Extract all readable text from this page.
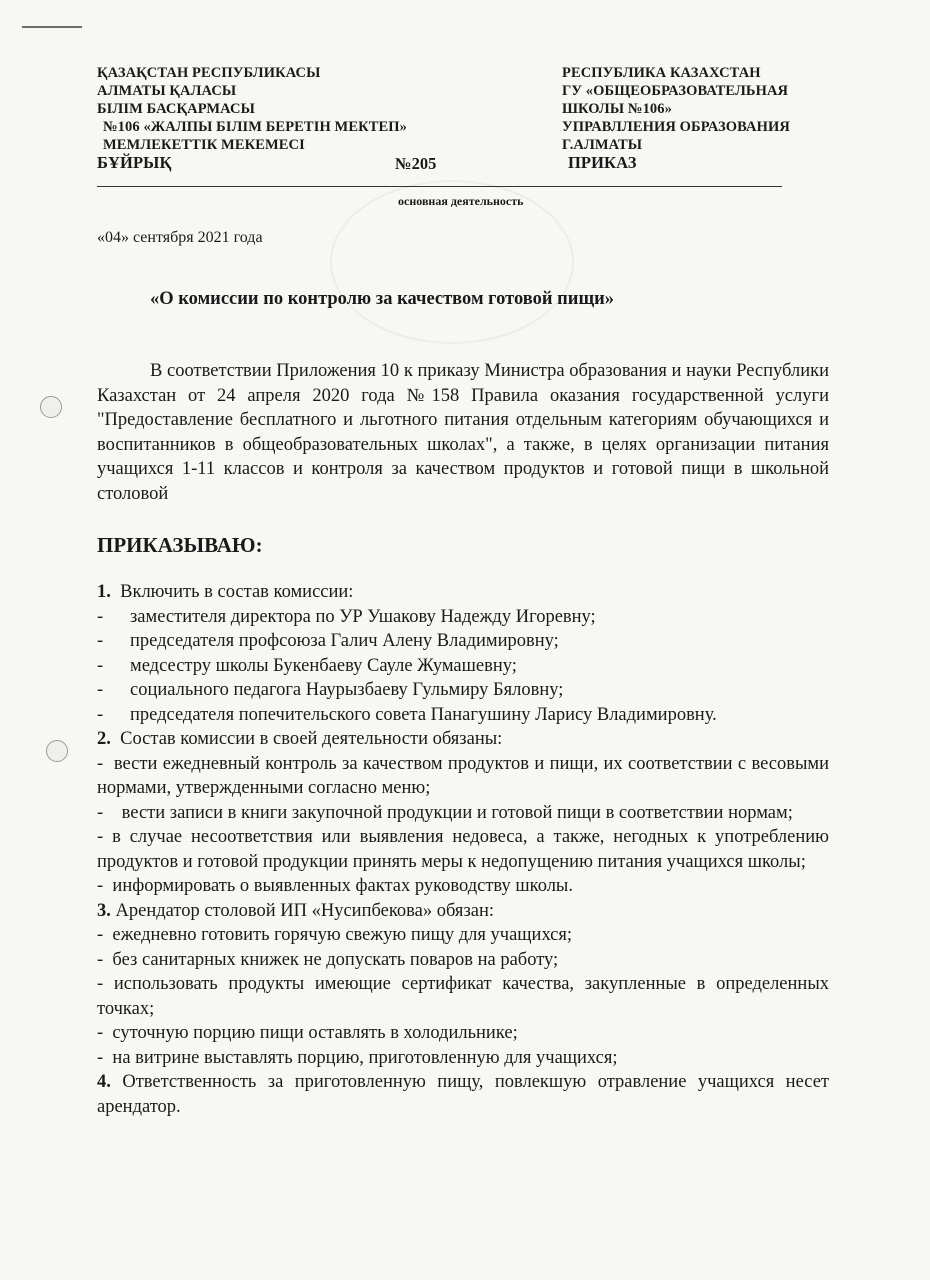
ҚАЗАҚСТАН РЕСПУБЛИКАСЫ
АЛМАТЫ ҚАЛАСЫ
БІЛІМ БАСҚАРМАСЫ
№106 «ЖАЛПЫ БІЛІМ БЕРЕТІН МЕКТЕП»
МЕМЛЕКЕТТІК МЕКЕМЕСІ
БҰЙРЫҚ
РЕСПУБЛИКА КАЗАХСТАН
ГУ «ОБЩЕОБРАЗОВАТЕЛЬНАЯ
ШКОЛЫ №106»
УПРАВЛЛЕНИЯ ОБРАЗОВАНИЯ
Г.АЛМАТЫ
ПРИКАЗ
№205
основная деятельность
«04» сентября 2021 года
«О комиссии по контролю за качеством готовой пищи»
В соответствии Приложения 10 к приказу Министра образования и науки Республики Казахстан от 24 апреля 2020 года №158 Правила оказания государственной услуги "Предоставление бесплатного и льготного питания отдельным категориям обучающихся и воспитанников в общеобразовательных школах", а также, в целях организации питания учащихся 1-11 классов и контроля за качеством продуктов и готовой пищи в школьной столовой
ПРИКАЗЫВАЮ:

1. Включить в состав комиссии:

- заместителя директора по УР Ушакову Надежду Игоревну;

- председателя профсоюза Галич Алену Владимировну;

- медсестру школы Букенбаеву Сауле Жумашевну;

- социального педагога Наурызбаеву Гульмиру Бяловну;

- председателя попечительского совета Панагушину Ларису Владимировну.

2. Состав комиссии в своей деятельности обязаны:

- вести ежедневный контроль за качеством продуктов и пищи, их соответствии с весовыми нормами, утвержденными согласно меню;

- вести записи в книги закупочной продукции и готовой пищи в соответствии нормам;

- в случае несоответствия или выявления недовеса, а также, негодных к употреблению продуктов и готовой продукции принять меры к недопущению питания учащихся школы;

- информировать о выявленных фактах руководству школы.

3. Арендатор столовой ИП «Нусипбекова» обязан:

- ежедневно готовить горячую свежую пищу для учащихся;

- без санитарных книжек не допускать поваров на работу;

- использовать продукты имеющие сертификат качества, закупленные в определенных точках;

- суточную порцию пищи оставлять в холодильнике;

- на витрине выставлять порцию, приготовленную для учащихся;

4. Ответственность за приготовленную пищу, повлекшую отравление учащихся несет арендатор.
